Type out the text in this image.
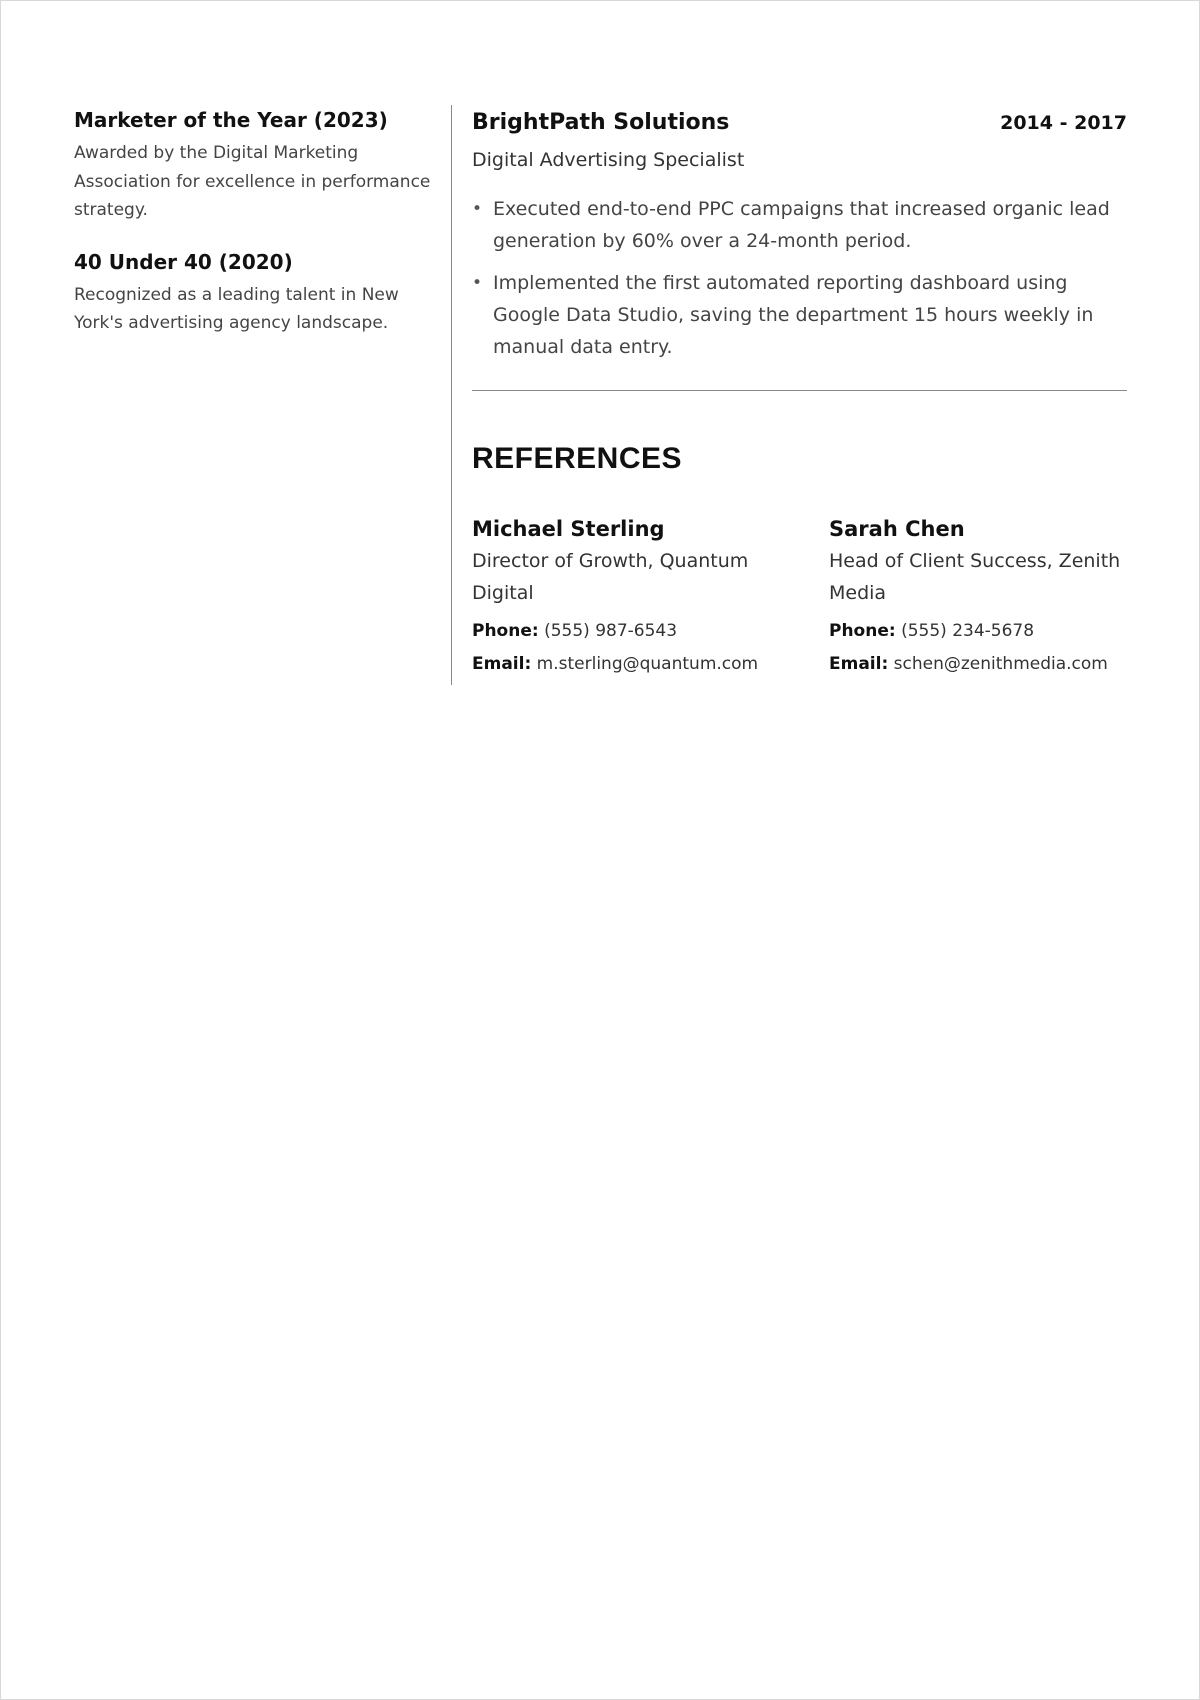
Marketer of the Year (2023)

Awarded by the Digital Marketing Association for excellence in performance strategy.

40 Under 40 (2020)

Recognized as a leading talent in New York's advertising agency landscape.

BrightPath Solutions	2014 - 2017

Digital Advertising Specialist

• Executed end-to-end PPC campaigns that increased organic lead generation by 60% over a 24-month period.
• Implemented the first automated reporting dashboard using Google Data Studio, saving the department 15 hours weekly in manual data entry.
REFERENCES

Michael Sterling

Director of Growth, Quantum Digital

Phone: (555) 987-6543

Email: m.sterling@quantum.com

Sarah Chen

Head of Client Success, Zenith Media

Phone: (555) 234-5678

Email: schen@zenithmedia.com
